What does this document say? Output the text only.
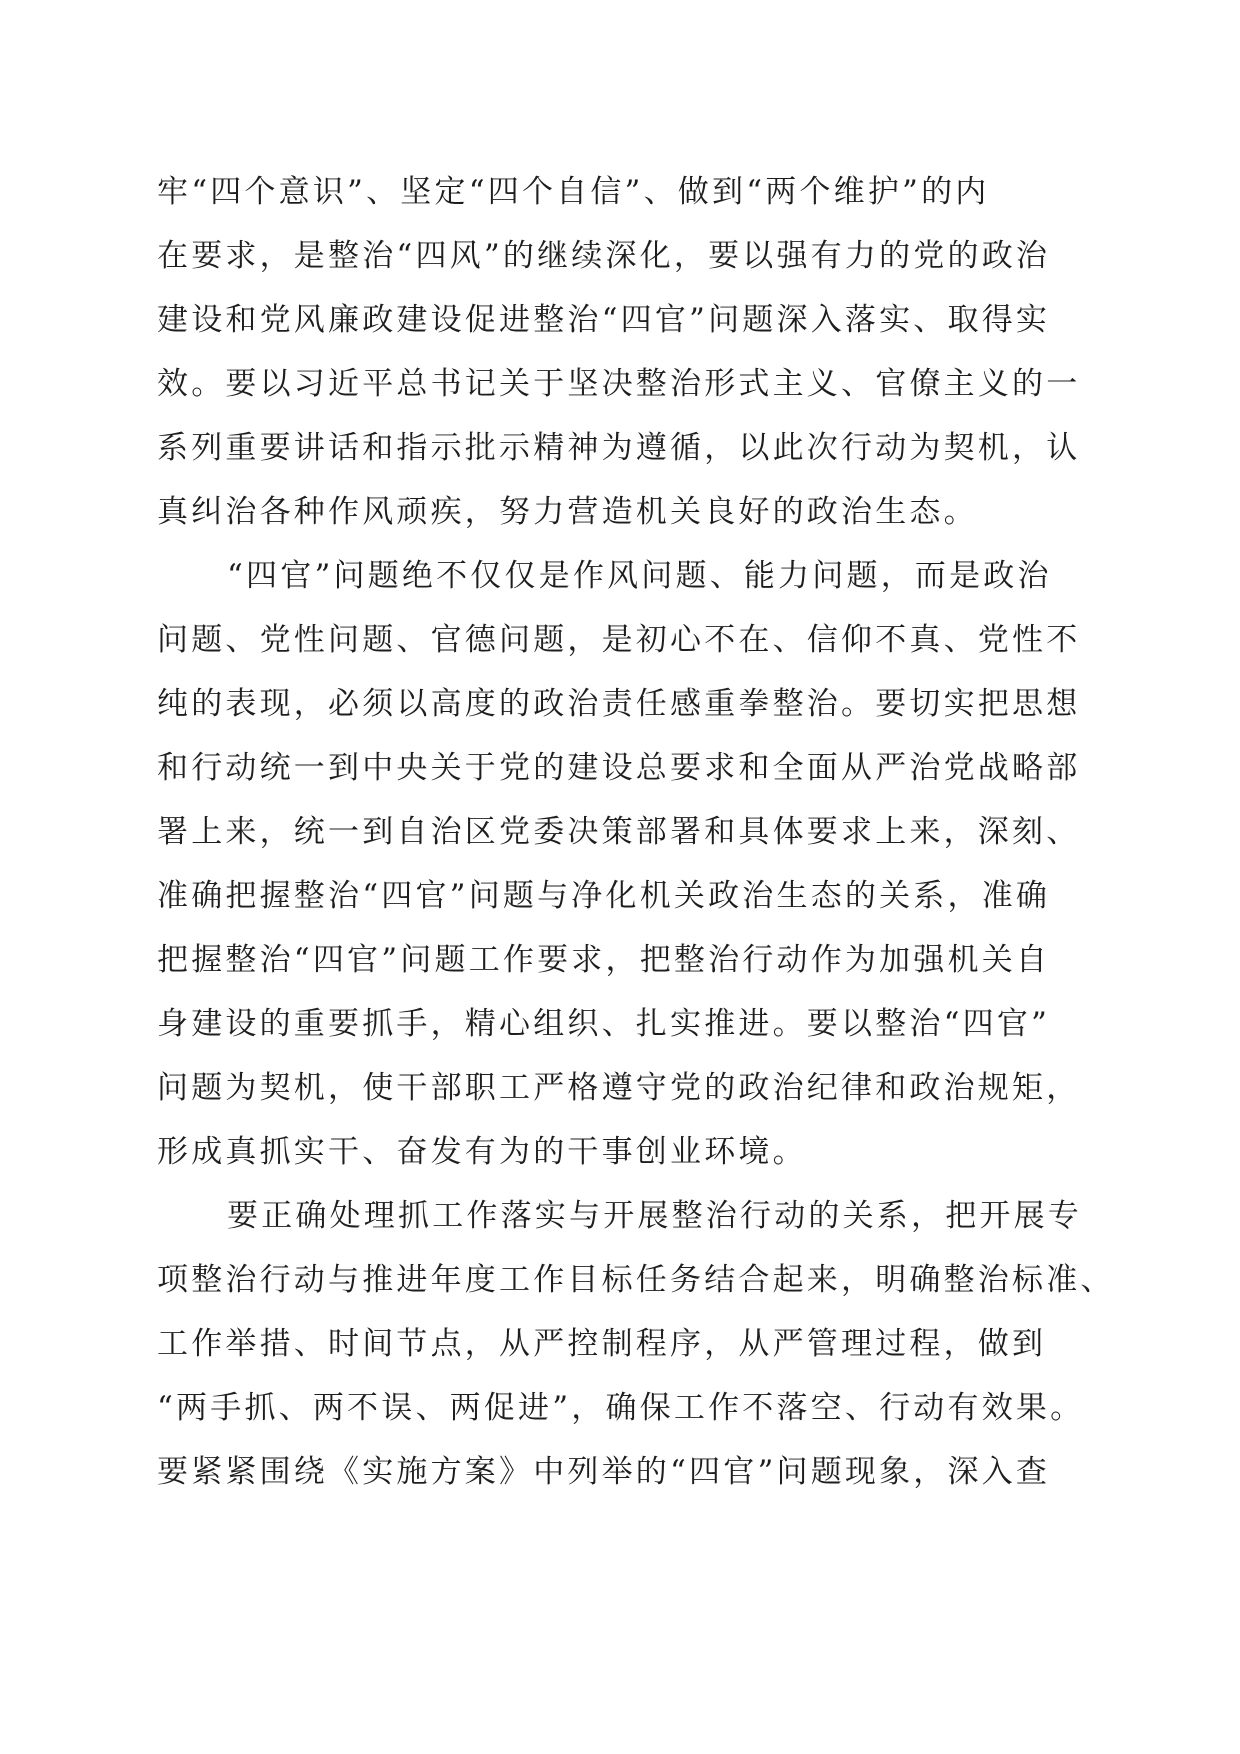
牢“四个意识”、坚定“四个自信”、做到“两个维护”的内

在要求，是整治“四风”的继续深化，要以强有力的党的政治

建设和党风廉政建设促进整治“四官”问题深入落实、取得实

效。要以习近平总书记关于坚决整治形式主义、官僚主义的一

系列重要讲话和指示批示精神为遵循，以此次行动为契机，认

真纠治各种作风顽疾，努力营造机关良好的政治生态。

“四官”问题绝不仅仅是作风问题、能力问题，而是政治

问题、党性问题、官德问题，是初心不在、信仰不真、党性不

纯的表现，必须以高度的政治责任感重拳整治。要切实把思想

和行动统一到中央关于党的建设总要求和全面从严治党战略部

署上来，统一到自治区党委决策部署和具体要求上来，深刻、

准确把握整治“四官”问题与净化机关政治生态的关系，准确

把握整治“四官”问题工作要求，把整治行动作为加强机关自

身建设的重要抓手，精心组织、扎实推进。要以整治“四官”

问题为契机，使干部职工严格遵守党的政治纪律和政治规矩，

形成真抓实干、奋发有为的干事创业环境。

要正确处理抓工作落实与开展整治行动的关系，把开展专

项整治行动与推进年度工作目标任务结合起来，明确整治标准、

工作举措、时间节点，从严控制程序，从严管理过程，做到

“两手抓、两不误、两促进”，确保工作不落空、行动有效果。

要紧紧围绕《实施方案》中列举的“四官”问题现象，深入查
